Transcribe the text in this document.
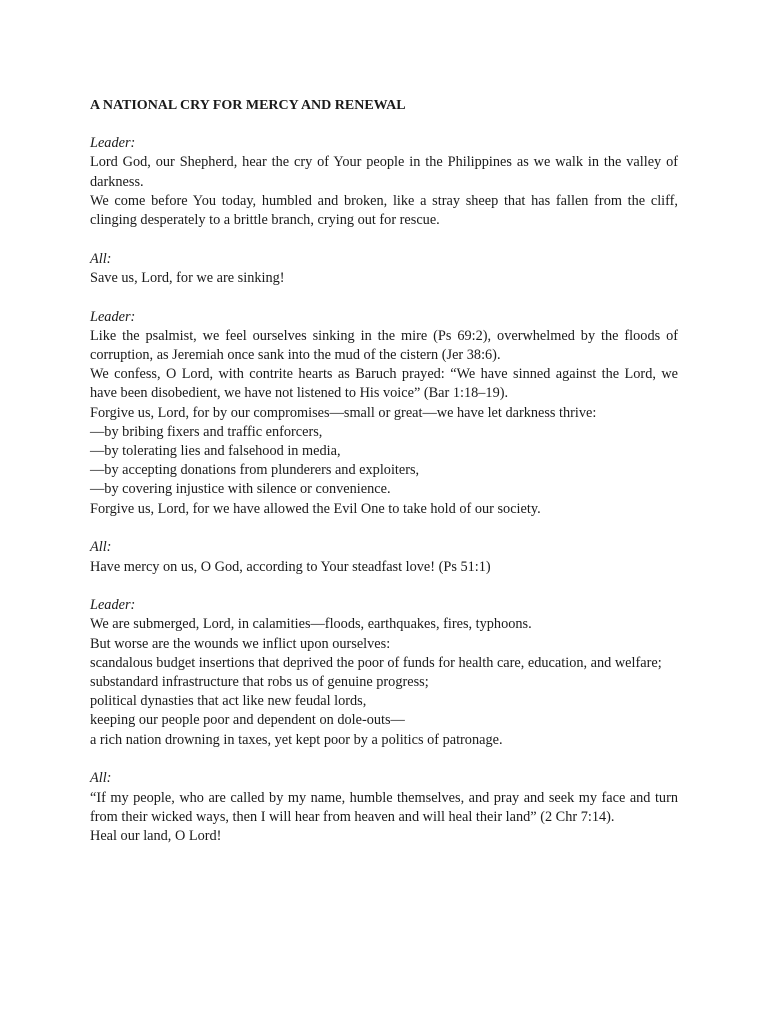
A NATIONAL CRY FOR MERCY AND RENEWAL

Leader:

Lord God, our Shepherd, hear the cry of Your people in the Philippines as we walk in the valley of darkness.

We come before You today, humbled and broken, like a stray sheep that has fallen from the cliff, clinging desperately to a brittle branch, crying out for rescue.

All:

Save us, Lord, for we are sinking!

Leader:

Like the psalmist, we feel ourselves sinking in the mire (Ps 69:2), overwhelmed by the floods of corruption, as Jeremiah once sank into the mud of the cistern (Jer 38:6).

We confess, O Lord, with contrite hearts as Baruch prayed: “We have sinned against the Lord, we have been disobedient, we have not listened to His voice” (Bar 1:18–19).

Forgive us, Lord, for by our compromises—small or great—we have let darkness thrive:

—by bribing fixers and traffic enforcers,

—by tolerating lies and falsehood in media,

—by accepting donations from plunderers and exploiters,

—by covering injustice with silence or convenience.

Forgive us, Lord, for we have allowed the Evil One to take hold of our society.

All:

Have mercy on us, O God, according to Your steadfast love! (Ps 51:1)

Leader:

We are submerged, Lord, in calamities—floods, earthquakes, fires, typhoons.

But worse are the wounds we inflict upon ourselves:

scandalous budget insertions that deprived the poor of funds for health care, education, and welfare;

substandard infrastructure that robs us of genuine progress;

political dynasties that act like new feudal lords,

keeping our people poor and dependent on dole-outs—

a rich nation drowning in taxes, yet kept poor by a politics of patronage.

All:

“If my people, who are called by my name, humble themselves, and pray and seek my face and turn from their wicked ways, then I will hear from heaven and will heal their land” (2 Chr 7:14).

Heal our land, O Lord!
